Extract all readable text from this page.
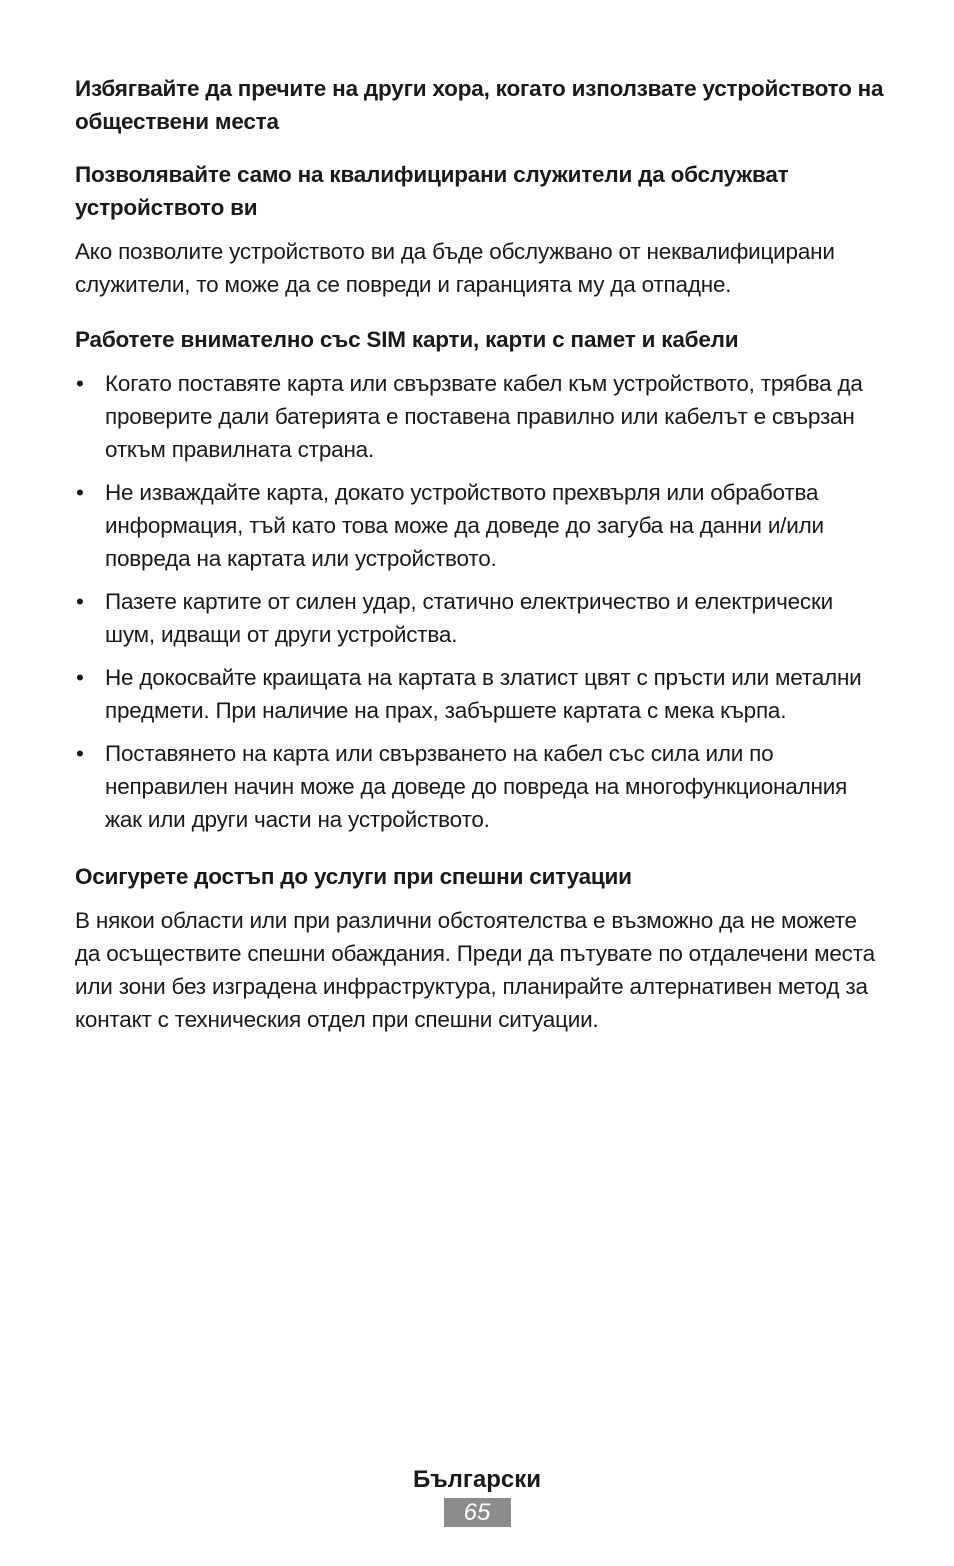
Избягвайте да пречите на други хора, когато използвате устройството на обществени места

Позволявайте само на квалифицирани служители да обслужват устройството ви

Ако позволите устройството ви да бъде обслужвано от неквалифицирани служители, то може да се повреди и гаранцията му да отпадне.

Работете внимателно със SIM карти, карти с памет и кабели

• Когато поставяте карта или свързвате кабел към устройството, трябва да проверите дали батерията е поставена правилно или кабелът е свързан откъм правилната страна.
• Не изваждайте карта, докато устройството прехвърля или обработва информация, тъй като това може да доведе до загуба на данни и/или повреда на картата или устройството.
• Пазете картите от силен удар, статично електричество и електрически шум, идващи от други устройства.
• Не докосвайте краищата на картата в златист цвят с пръсти или метални предмети. При наличие на прах, забършете картата с мека кърпа.
• Поставянето на карта или свързването на кабел със сила или по неправилен начин може да доведе до повреда на многофункционалния жак или други части на устройството.

Осигурете достъп до услуги при спешни ситуации

В някои области или при различни обстоятелства е възможно да не можете да осъществите спешни обаждания. Преди да пътувате по отдалечени места или зони без изградена инфраструктура, планирайте алтернативен метод за контакт с техническия отдел при спешни ситуации.

Български
65
